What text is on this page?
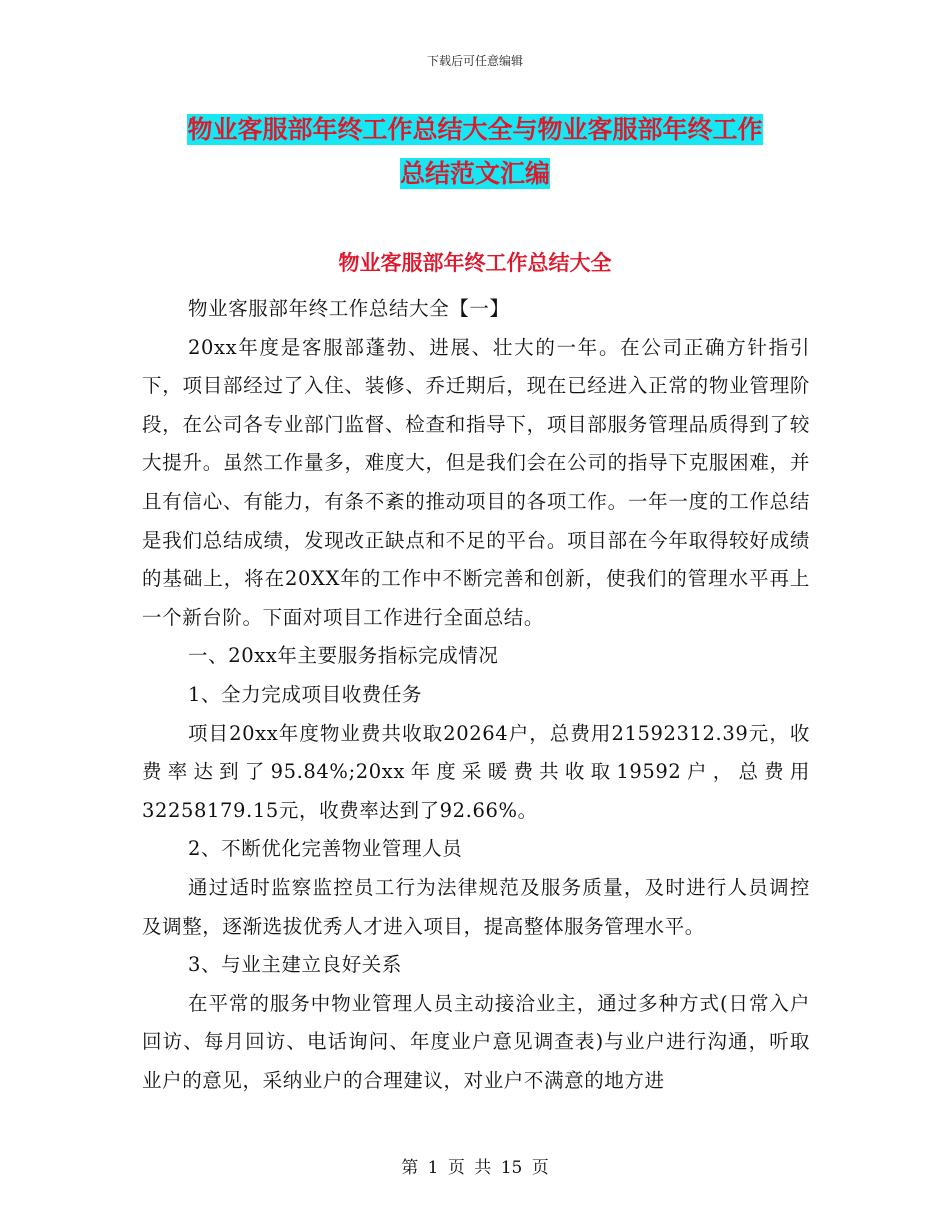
下载后可任意编辑
物业客服部年终工作总结大全与物业客服部年终工作
总结范文汇编
物业客服部年终工作总结大全

物业客服部年终工作总结大全【一】

20xx年度是客服部蓬勃、进展、壮大的一年。在公司正确方针指引下，项目部经过了入住、装修、乔迁期后，现在已经进入正常的物业管理阶段，在公司各专业部门监督、检查和指导下，项目部服务管理品质得到了较大提升。虽然工作量多，难度大，但是我们会在公司的指导下克服困难，并且有信心、有能力，有条不紊的推动项目的各项工作。一年一度的工作总结是我们总结成绩，发现改正缺点和不足的平台。项目部在今年取得较好成绩的基础上，将在20XX年的工作中不断完善和创新，使我们的管理水平再上一个新台阶。下面对项目工作进行全面总结。

一、20xx年主要服务指标完成情况

1、全力完成项目收费任务

项目20xx年度物业费共收取20264户，总费用21592312.39元，收费率达到了95.84%;20xx年度采暖费共收取19592户，总费用32258179.15元，收费率达到了92.66%。

2、不断优化完善物业管理人员

通过适时监察监控员工行为法律规范及服务质量，及时进行人员调控及调整，逐渐选拔优秀人才进入项目，提高整体服务管理水平。

3、与业主建立良好关系

在平常的服务中物业管理人员主动接洽业主，通过多种方式(日常入户回访、每月回访、电话询问、年度业户意见调查表)与业户进行沟通，听取业户的意见，采纳业户的合理建议，对业户不满意的地方进

第 1 页 共 15 页
